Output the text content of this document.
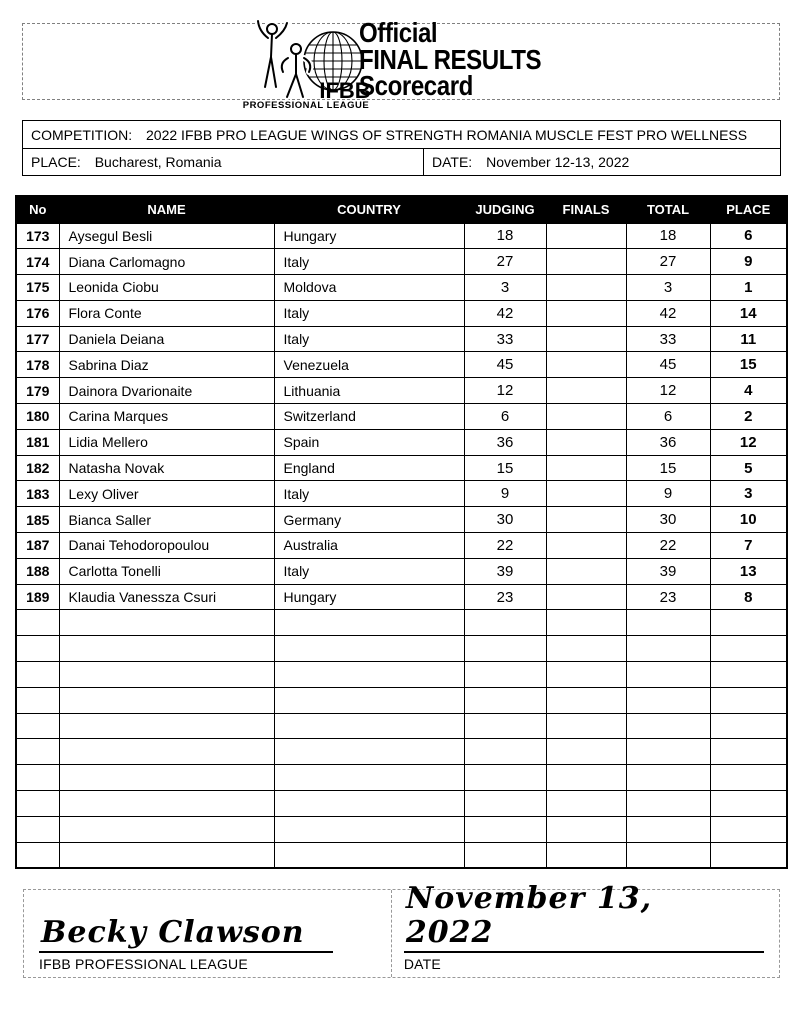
IFBB
PROFESSIONAL LEAGUE
Official
FINAL RESULTS
Scorecard
COMPETITION: 2022 IFBB PRO LEAGUE WINGS OF STRENGTH ROMANIA MUSCLE FEST PRO WELLNESS
PLACE: Bucharest, Romania	DATE: November 12-13, 2022
No	NAME	COUNTRY	JUDGING	FINALS	TOTAL	PLACE
173	Aysegul Besli	Hungary	18		18	6
174	Diana Carlomagno	Italy	27		27	9
175	Leonida Ciobu	Moldova	3		3	1
176	Flora Conte	Italy	42		42	14
177	Daniela Deiana	Italy	33		33	11
178	Sabrina Diaz	Venezuela	45		45	15
179	Dainora Dvarionaite	Lithuania	12		12	4
180	Carina Marques	Switzerland	6		6	2
181	Lidia Mellero	Spain	36		36	12
182	Natasha Novak	England	15		15	5
183	Lexy Oliver	Italy	9		9	3
185	Bianca Saller	Germany	30		30	10
187	Danai Tehodoropoulou	Australia	22		22	7
188	Carlotta Tonelli	Italy	39		39	13
189	Klaudia Vanessza Csuri	Hungary	23		23	8

Becky Clawson
IFBB PROFESSIONAL LEAGUE
November 13, 2022
DATE
